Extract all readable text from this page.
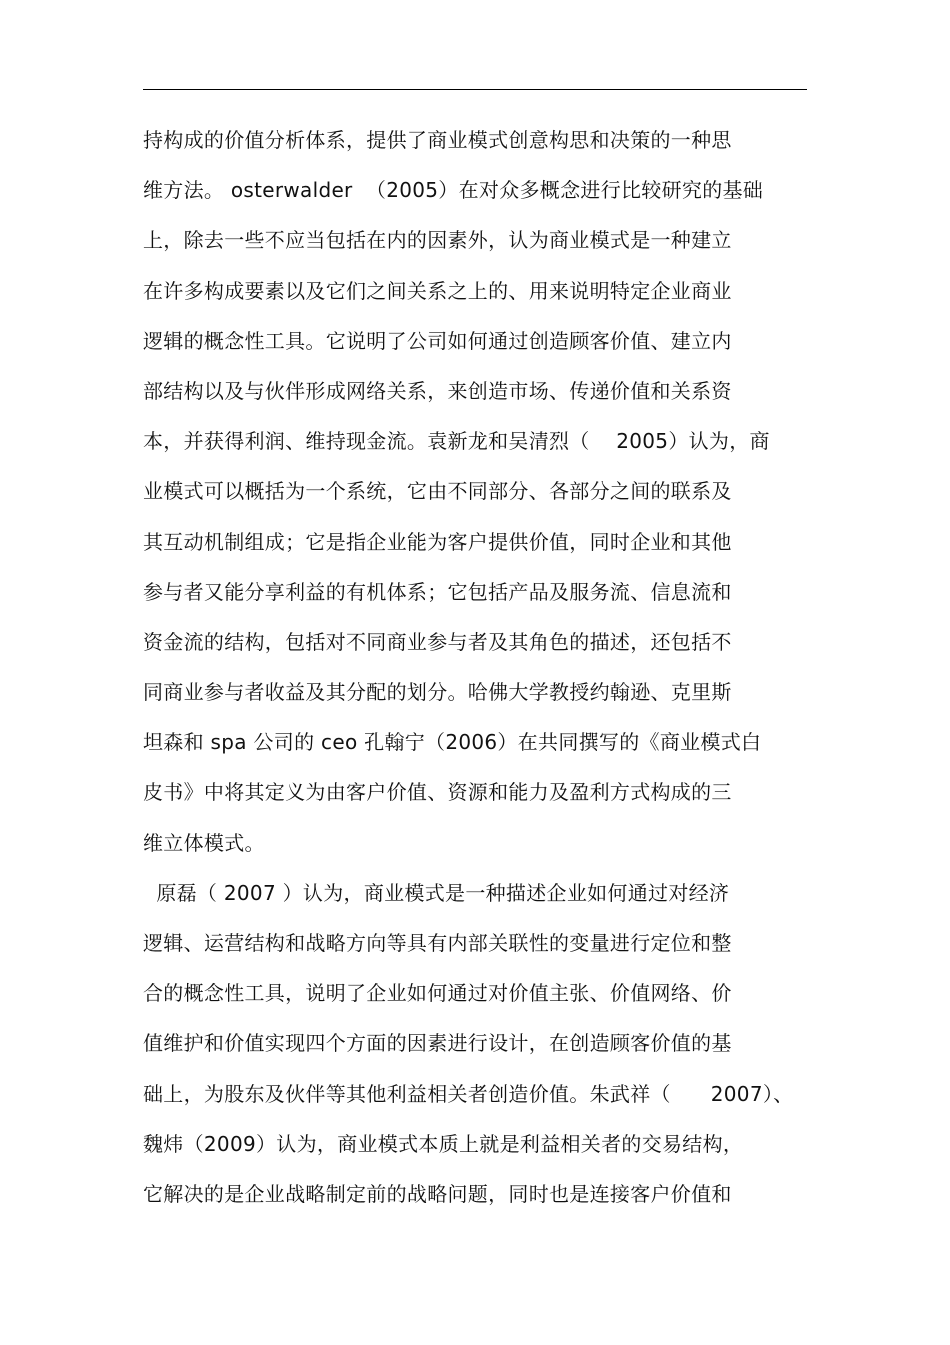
持构成的价值分析体系，提供了商业模式创意构思和决策的一种思
维方法。 osterwalder  （2005）在对众多概念进行比较研究的基础
上，除去一些不应当包括在内的因素外，认为商业模式是一种建立
在许多构成要素以及它们之间关系之上的、用来说明特定企业商业
逻辑的概念性工具。它说明了公司如何通过创造顾客价值、建立内
部结构以及与伙伴形成网络关系，来创造市场、传递价值和关系资
本，并获得利润、维持现金流。袁新龙和吴清烈（    2005）认为，商
业模式可以概括为一个系统，它由不同部分、各部分之间的联系及
其互动机制组成；它是指企业能为客户提供价值，同时企业和其他
参与者又能分享利益的有机体系；它包括产品及服务流、信息流和
资金流的结构，包括对不同商业参与者及其角色的描述，还包括不
同商业参与者收益及其分配的划分。哈佛大学教授约翰逊、克里斯
坦森和 spa 公司的 ceo 孔翰宁（2006）在共同撰写的《商业模式白
皮书》中将其定义为由客户价值、资源和能力及盈利方式构成的三
维立体模式。
原磊（ 2007 ）认为，商业模式是一种描述企业如何通过对经济
逻辑、运营结构和战略方向等具有内部关联性的变量进行定位和整
合的概念性工具，说明了企业如何通过对价值主张、价值网络、价
值维护和价值实现四个方面的因素进行设计，在创造顾客价值的基
础上，为股东及伙伴等其他利益相关者创造价值。朱武祥（      2007）、
魏炜（2009）认为，商业模式本质上就是利益相关者的交易结构，
它解决的是企业战略制定前的战略问题，同时也是连接客户价值和
